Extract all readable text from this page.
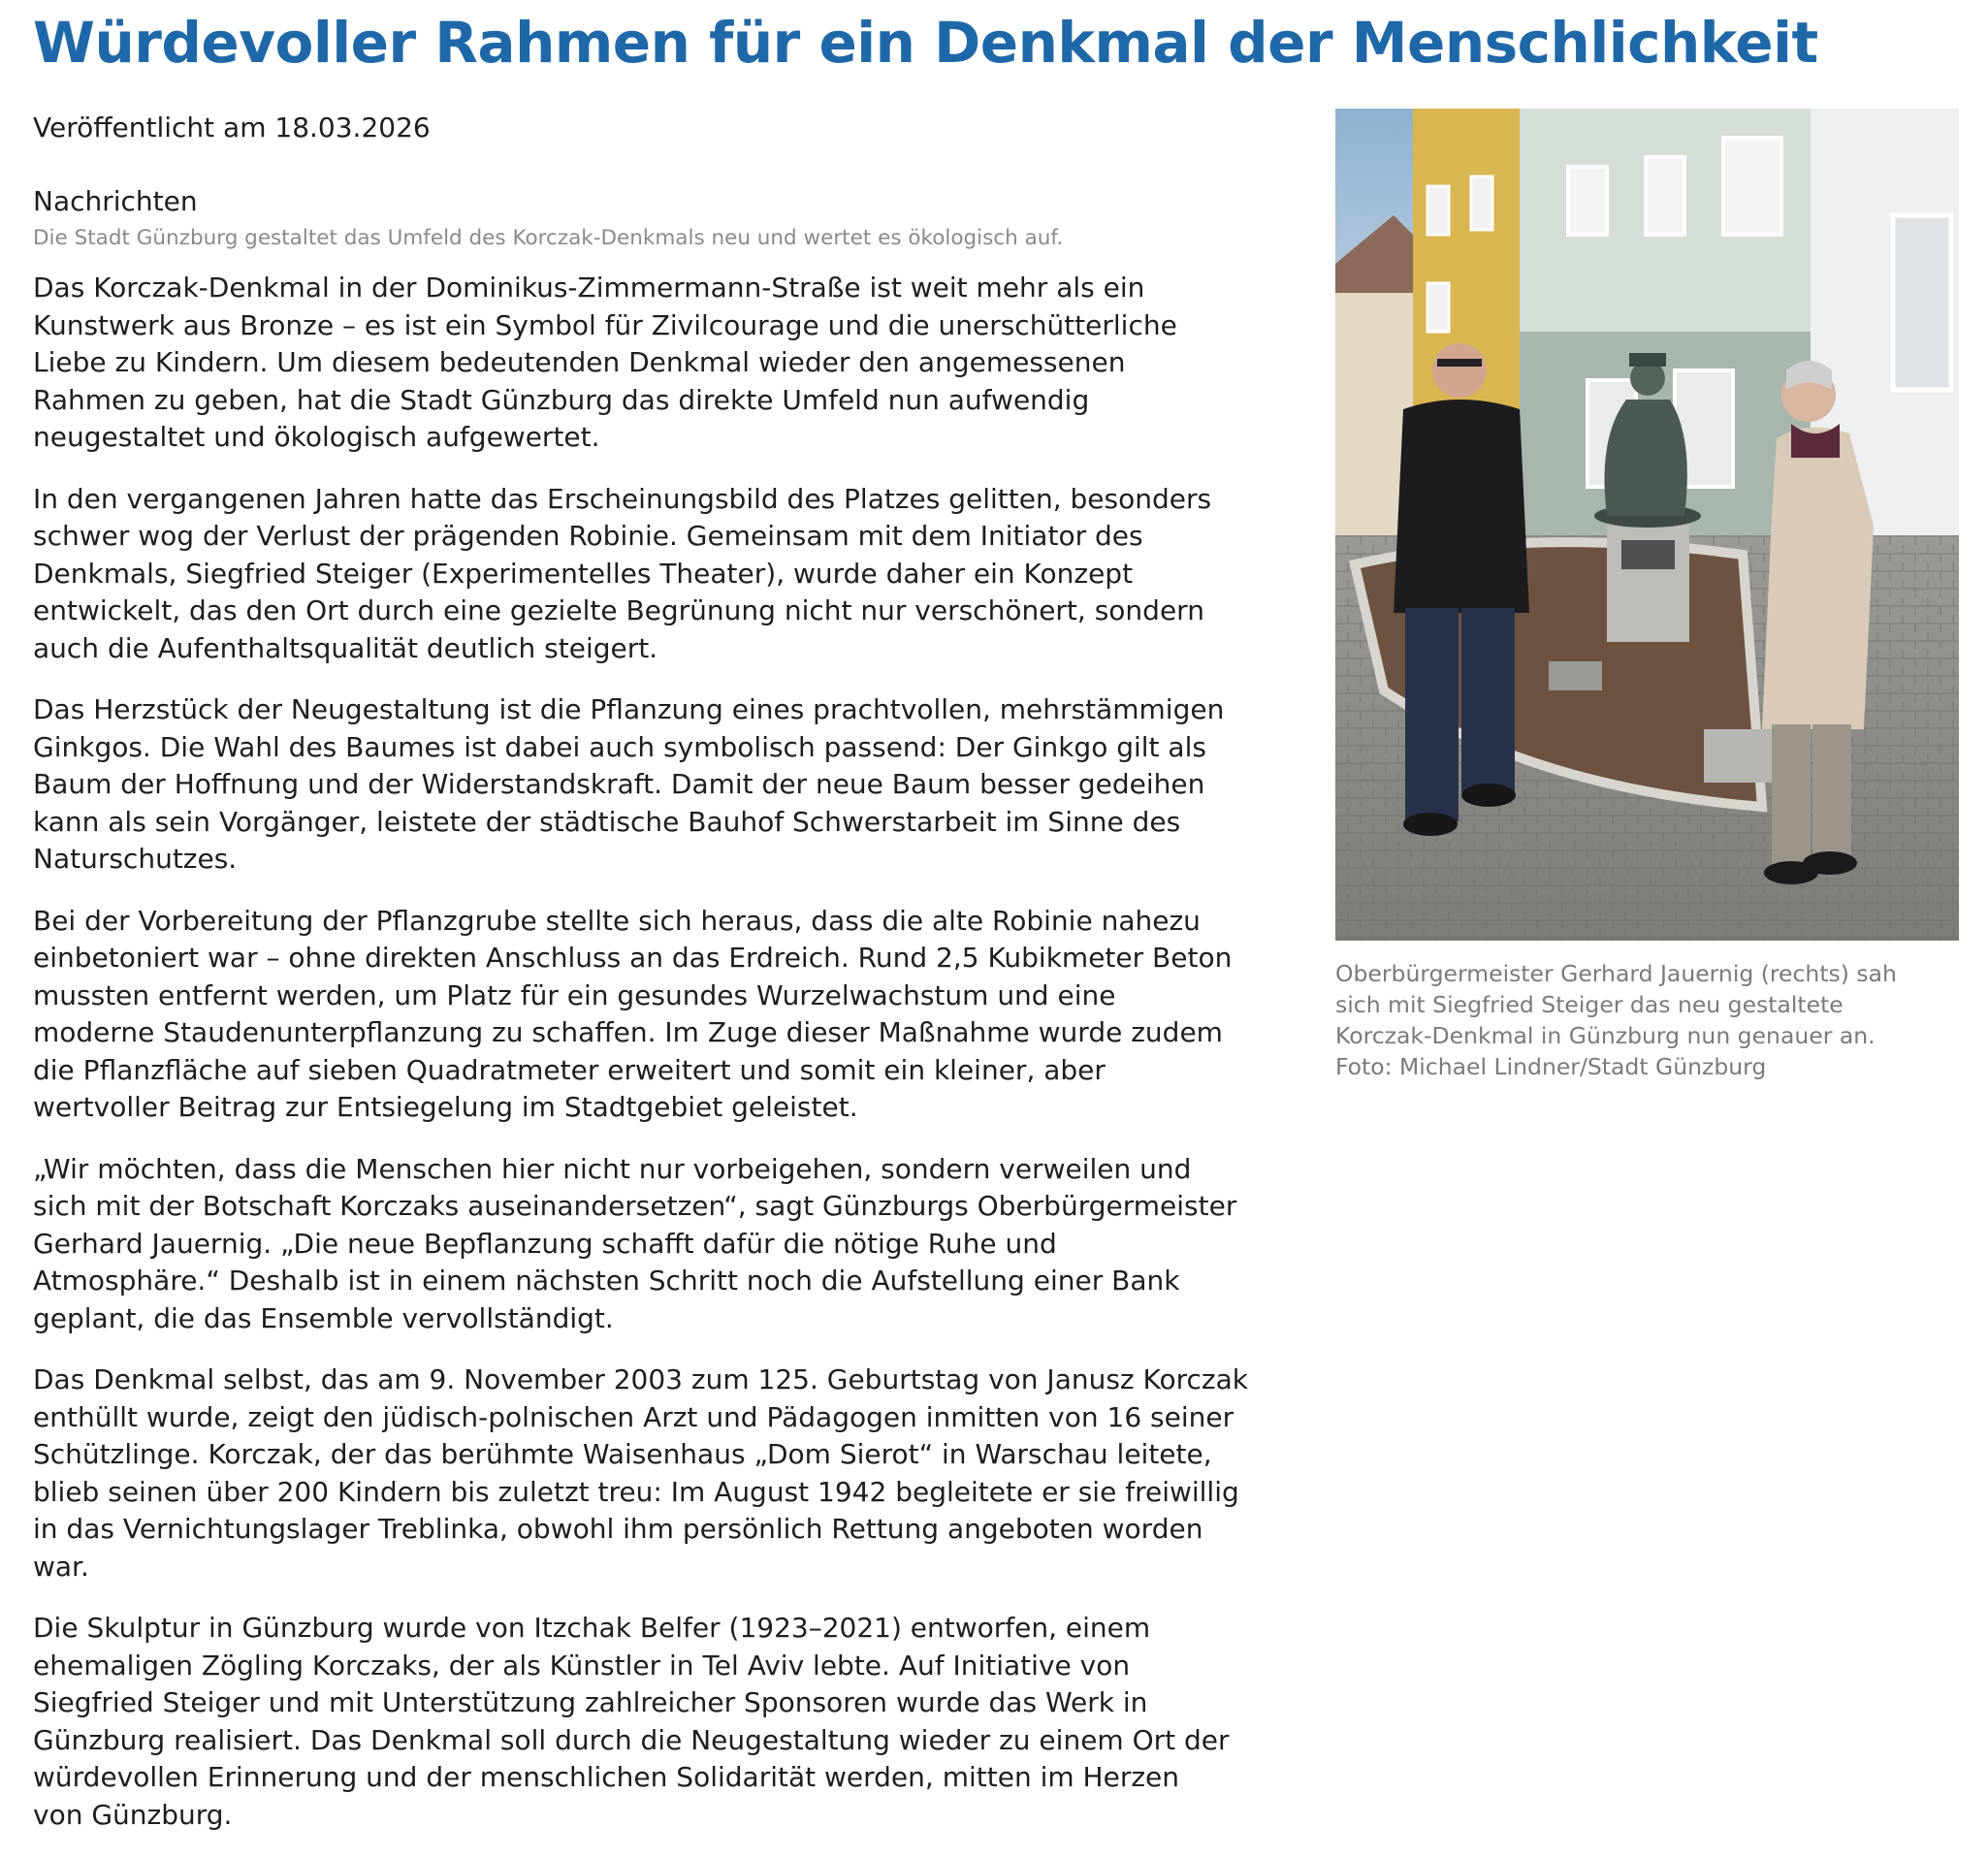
Würdevoller Rahmen für ein Denkmal der Menschlichkeit
Veröffentlicht am 18.03.2026
Nachrichten
Die Stadt Günzburg gestaltet das Umfeld des Korczak-Denkmals neu und wertet es ökologisch auf.

Das Korczak-Denkmal in der Dominikus-Zimmermann-Straße ist weit mehr als ein
Kunstwerk aus Bronze – es ist ein Symbol für Zivilcourage und die unerschütterliche
Liebe zu Kindern. Um diesem bedeutenden Denkmal wieder den angemessenen
Rahmen zu geben, hat die Stadt Günzburg das direkte Umfeld nun aufwendig
neugestaltet und ökologisch aufgewertet.

In den vergangenen Jahren hatte das Erscheinungsbild des Platzes gelitten, besonders
schwer wog der Verlust der prägenden Robinie. Gemeinsam mit dem Initiator des
Denkmals, Siegfried Steiger (Experimentelles Theater), wurde daher ein Konzept
entwickelt, das den Ort durch eine gezielte Begrünung nicht nur verschönert, sondern
auch die Aufenthaltsqualität deutlich steigert.

Das Herzstück der Neugestaltung ist die Pflanzung eines prachtvollen, mehrstämmigen
Ginkgos. Die Wahl des Baumes ist dabei auch symbolisch passend: Der Ginkgo gilt als
Baum der Hoffnung und der Widerstandskraft. Damit der neue Baum besser gedeihen
kann als sein Vorgänger, leistete der städtische Bauhof Schwerstarbeit im Sinne des
Naturschutzes.

Bei der Vorbereitung der Pflanzgrube stellte sich heraus, dass die alte Robinie nahezu
einbetoniert war – ohne direkten Anschluss an das Erdreich. Rund 2,5 Kubikmeter Beton
mussten entfernt werden, um Platz für ein gesundes Wurzelwachstum und eine
moderne Staudenunterpflanzung zu schaffen. Im Zuge dieser Maßnahme wurde zudem
die Pflanzfläche auf sieben Quadratmeter erweitert und somit ein kleiner, aber
wertvoller Beitrag zur Entsiegelung im Stadtgebiet geleistet.

„Wir möchten, dass die Menschen hier nicht nur vorbeigehen, sondern verweilen und
sich mit der Botschaft Korczaks auseinandersetzen“, sagt Günzburgs Oberbürgermeister
Gerhard Jauernig. „Die neue Bepflanzung schafft dafür die nötige Ruhe und
Atmosphäre.“ Deshalb ist in einem nächsten Schritt noch die Aufstellung einer Bank
geplant, die das Ensemble vervollständigt.

Das Denkmal selbst, das am 9. November 2003 zum 125. Geburtstag von Janusz Korczak
enthüllt wurde, zeigt den jüdisch-polnischen Arzt und Pädagogen inmitten von 16 seiner
Schützlinge. Korczak, der das berühmte Waisenhaus „Dom Sierot“ in Warschau leitete,
blieb seinen über 200 Kindern bis zuletzt treu: Im August 1942 begleitete er sie freiwillig
in das Vernichtungslager Treblinka, obwohl ihm persönlich Rettung angeboten worden
war.

Die Skulptur in Günzburg wurde von Itzchak Belfer (1923–2021) entworfen, einem
ehemaligen Zögling Korczaks, der als Künstler in Tel Aviv lebte. Auf Initiative von
Siegfried Steiger und mit Unterstützung zahlreicher Sponsoren wurde das Werk in
Günzburg realisiert. Das Denkmal soll durch die Neugestaltung wieder zu einem Ort der
würdevollen Erinnerung und der menschlichen Solidarität werden, mitten im Herzen
von Günzburg.

Oberbürgermeister Gerhard Jauernig (rechts) sah
sich mit Siegfried Steiger das neu gestaltete
Korczak-Denkmal in Günzburg nun genauer an.
Foto: Michael Lindner/Stadt Günzburg
